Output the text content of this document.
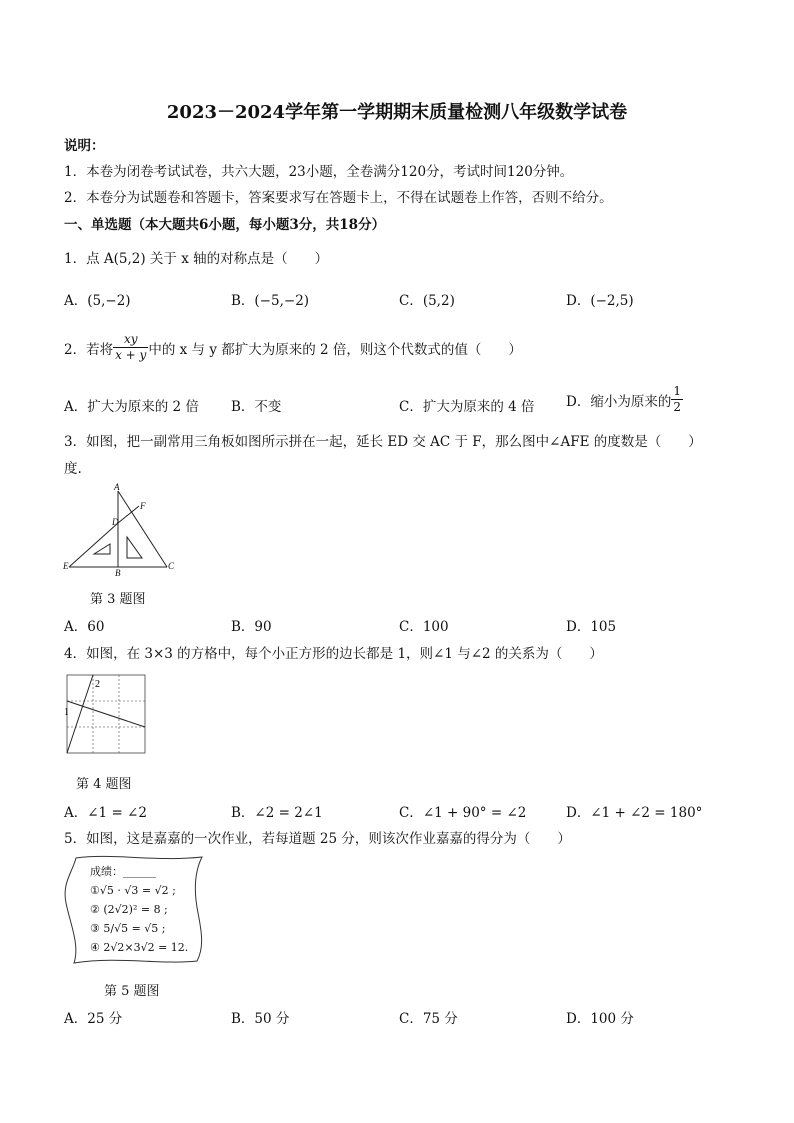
2023－2024学年第一学期期末质量检测八年级数学试卷
说明：
1．本卷为闭卷考试试卷，共六大题，23小题，全卷满分120分，考试时间120分钟。
2．本卷分为试题卷和答题卡，答案要求写在答题卡上，不得在试题卷上作答，否则不给分。
一、单选题（本大题共6小题，每小题3分，共18分）
1．点 A(5,2) 关于 x 轴的对称点是（　　）
A．(5,−2)	B．(−5,−2)	C．(5,2)	D．(−2,5)
2．若将 $\frac{xy}{x + y}$ 中的 x 与 y 都扩大为原来的 2 倍，则这个代数式的值（　　）
A．扩大为原来的 2 倍 B．不变	C．扩大为原来的 4 倍 D．缩小为原来的 $\frac{1}{2}$
3．如图，把一副常用三角板如图所示拼在一起，延长 ED 交 AC 于 F，那么图中∠AFE 的度数是（　　）
度.
A
F
D
E
B
C
第 3 题图
A．60	B．90	C．100	D．105
4．如图，在 3×3 的方格中，每个小正方形的边长都是 1，则∠1 与∠2 的关系为（　　）
1
2
第 4 题图
A．∠1 = ∠2	B．∠2 = 2∠1	C．∠1 + 90° = ∠2	D．∠1 + ∠2 = 180°
5．如图，这是嘉嘉的一次作业，若每道题 25 分，则该次作业嘉嘉的得分为（　　）
成绩：______
①√5 · √3 = √2 ;
② (2√2)² = 8 ;
③ 5/√5 = √5 ;
④ 2√2×3√2 = 12.
第 5 题图
A．25 分	B．50 分	C．75 分	D．100 分
